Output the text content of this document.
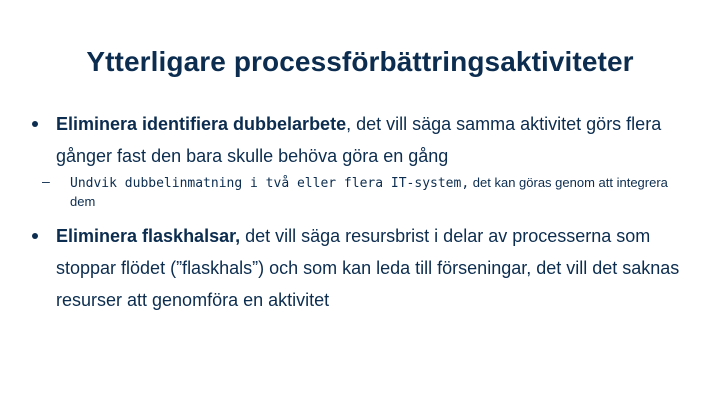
Ytterligare processförbättringsaktiviteter
Eliminera identifiera dubbelarbete, det vill säga samma aktivitet görs flera gånger fast den bara skulle behöva göra en gång
– Undvik dubbelinmatning i två eller flera IT-system, det kan göras genom att integrera dem
Eliminera flaskhalsar, det vill säga resursbrist i delar av processerna som stoppar flödet (”flaskhals”) och som kan leda till förseningar, det vill det saknas resurser att genomföra en aktivitet
